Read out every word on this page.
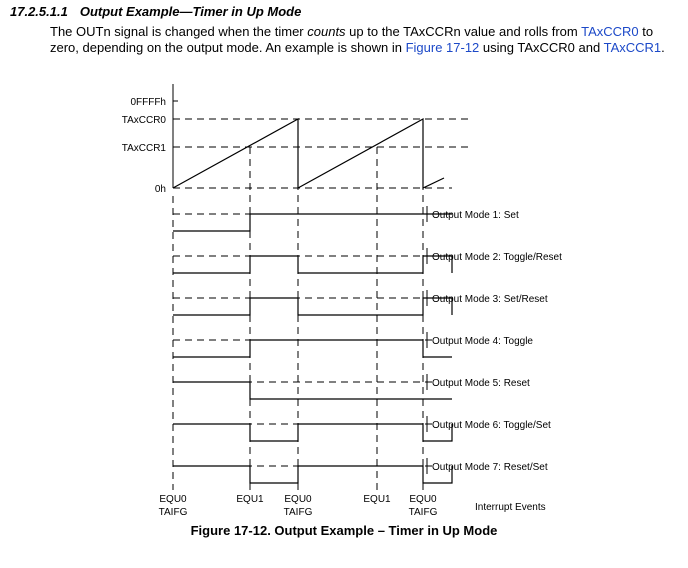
17.2.5.1.1 Output Example—Timer in Up Mode
The OUTn signal is changed when the timer counts up to the TAxCCRn value and rolls from TAxCCR0 to zero, depending on the output mode. An example is shown in Figure 17-12 using TAxCCR0 and TAxCCR1.
0FFFFh
TAxCCR0
TAxCCR1
0h
Output Mode 1: Set
Output Mode 2: Toggle/Reset
Output Mode 3: Set/Reset
Output Mode 4: Toggle
Output Mode 5: Reset
Output Mode 6: Toggle/Set
Output Mode 7: Reset/Set
Interrupt Events
EQU0
TAIFG
EQU1 EQU0
TAIFG
EQU1 EQU0
TAIFG
Figure 17-12. Output Example – Timer in Up Mode
